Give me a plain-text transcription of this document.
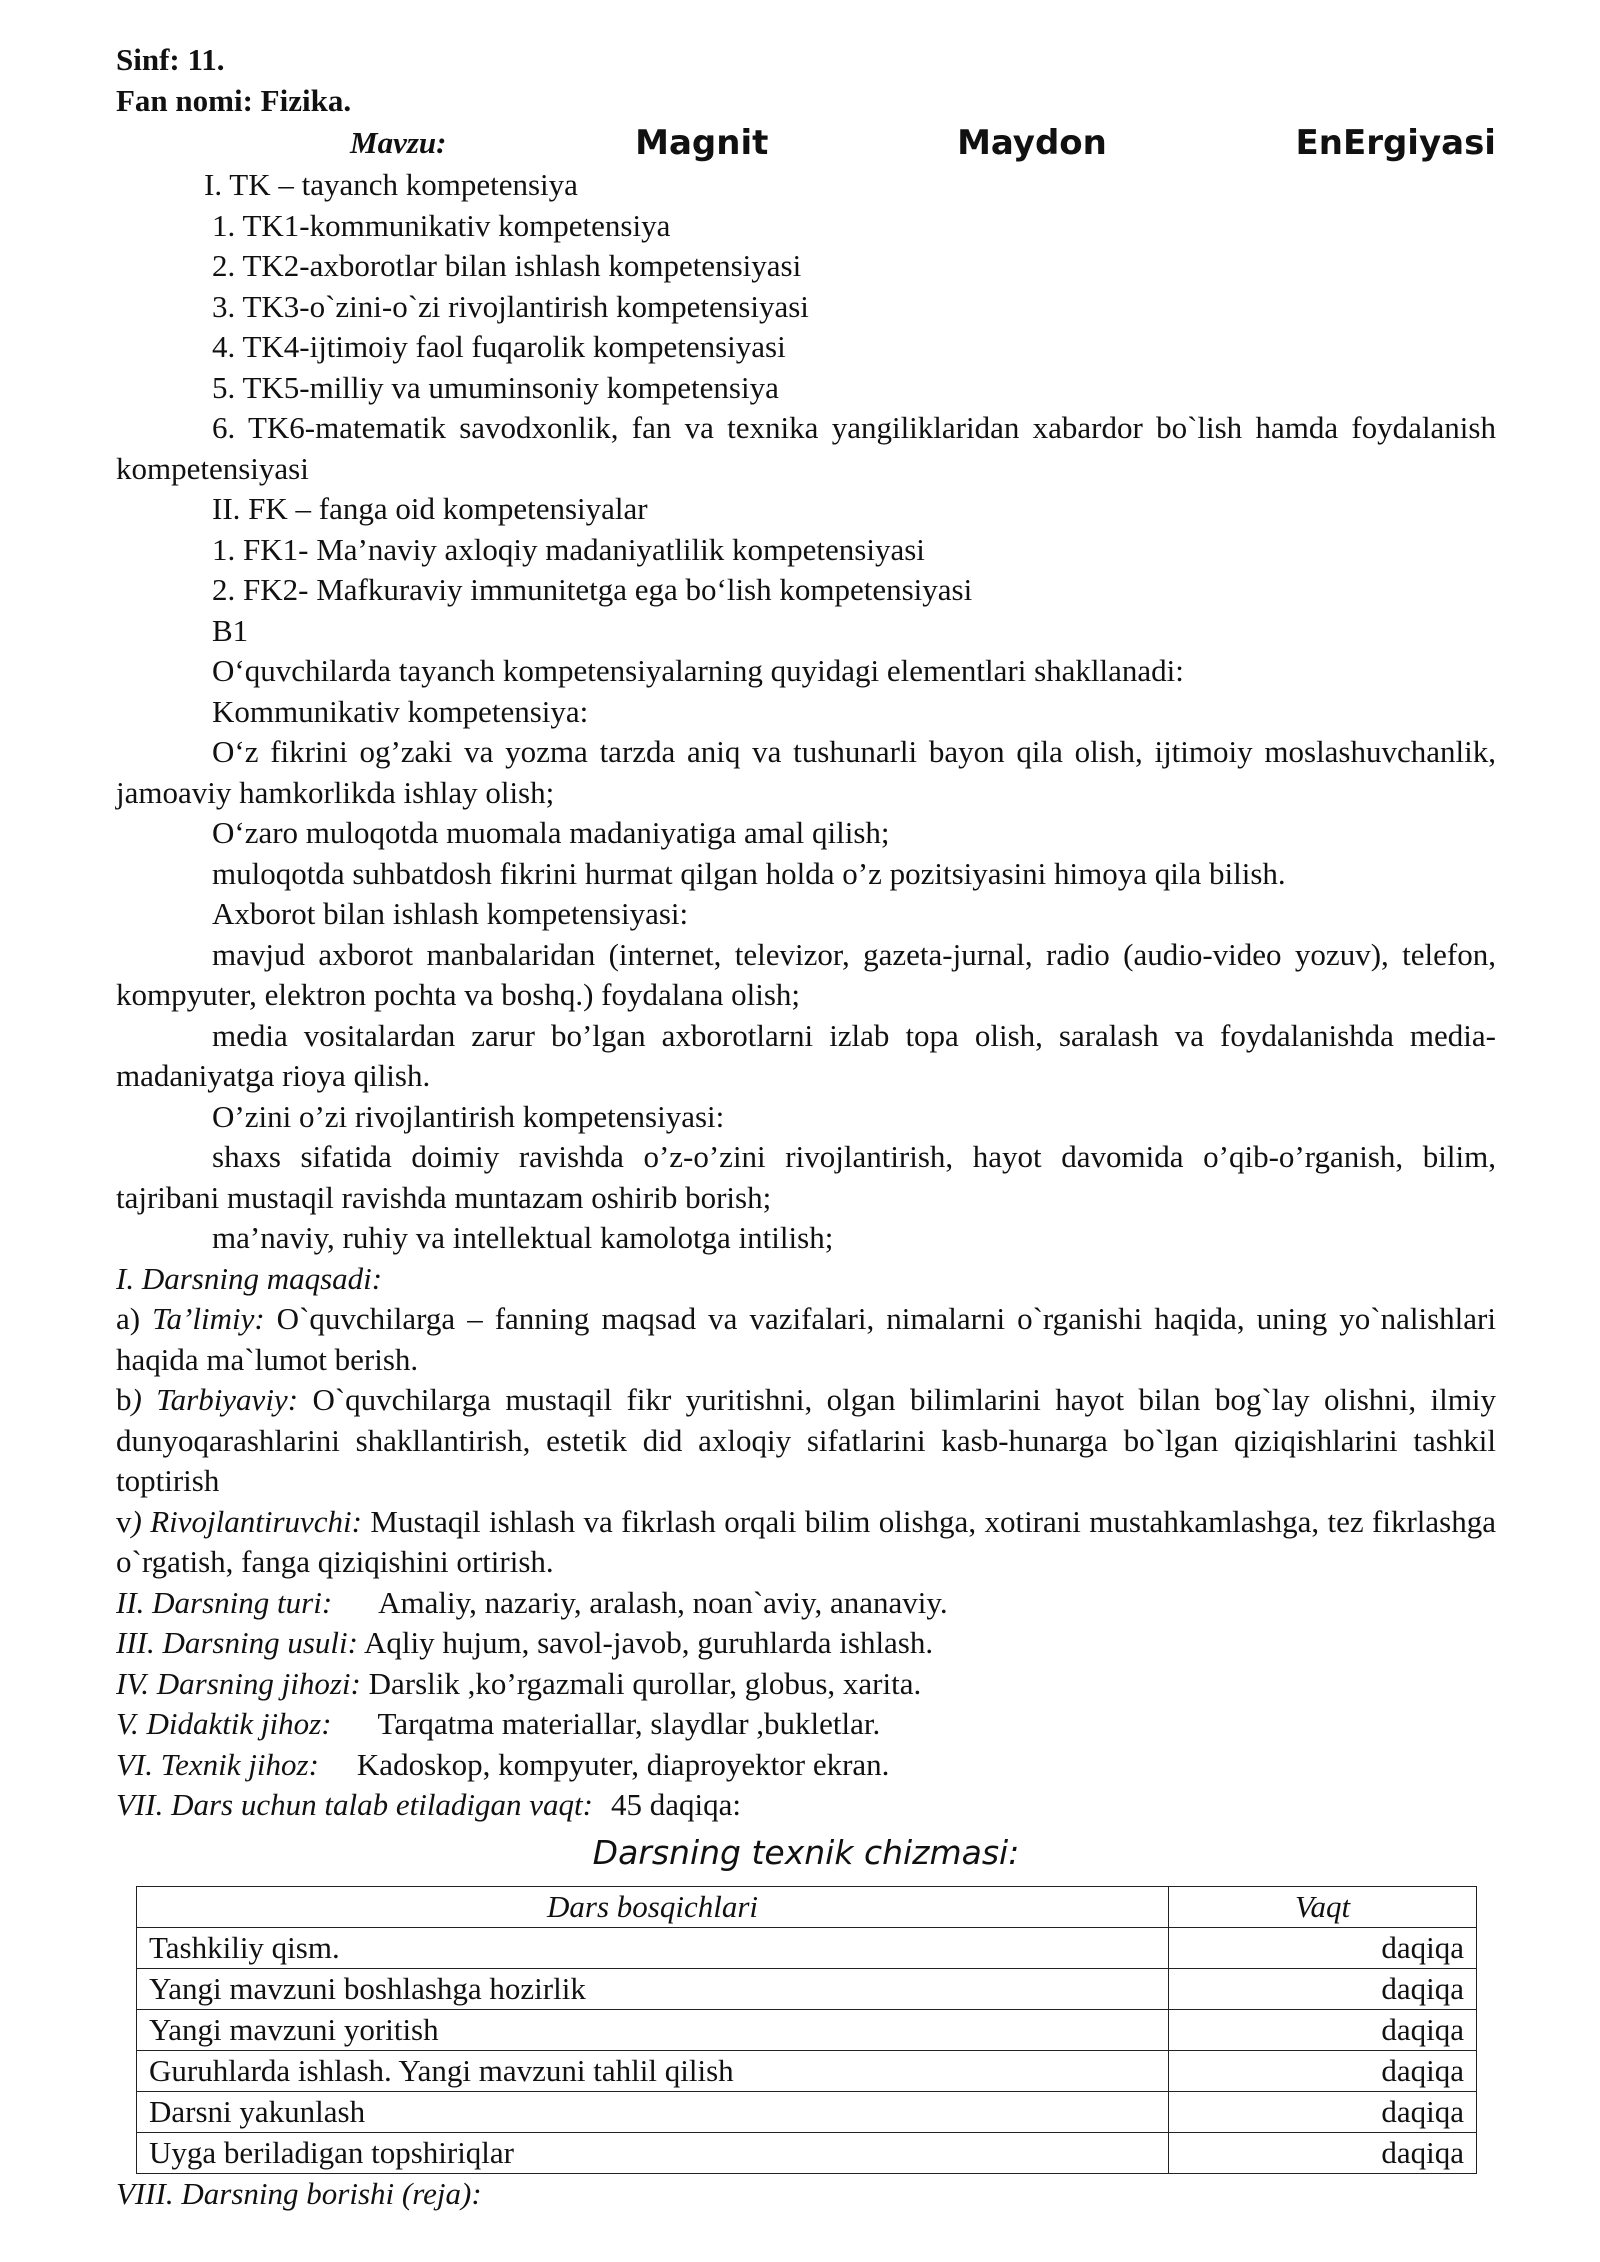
Sinf: 11.
Fan nomi: Fizika.
Mavzu:	Magnit	Maydon	EnErgiyasi
I. TK – tayanch kompetensiya
1. TK1-kommunikativ kompetensiya
2. TK2-axborotlar bilan ishlash kompetensiyasi
3. TK3-o`zini-o`zi rivojlantirish kompetensiyasi
4. TK4-ijtimoiy faol fuqarolik kompetensiyasi
5. TK5-milliy va umuminsoniy kompetensiya
6. TK6-matematik savodxonlik, fan va texnika yangiliklaridan xabardor bo`lish hamda foydalanish kompetensiyasi
II. FK – fanga oid kompetensiyalar
1. FK1- Ma’naviy axloqiy madaniyatlilik kompetensiyasi
2. FK2- Mafkuraviy immunitetga ega bo‘lish kompetensiyasi
B1
O‘quvchilarda tayanch kompetensiyalarning quyidagi elementlari shakllanadi:
Kommunikativ kompetensiya:
O‘z fikrini og’zaki va yozma tarzda aniq va tushunarli bayon qila olish, ijtimoiy moslashuvchanlik, jamoaviy hamkorlikda ishlay olish;
O‘zaro muloqotda muomala madaniyatiga amal qilish;
muloqotda suhbatdosh fikrini hurmat qilgan holda o’z pozitsiyasini himoya qila bilish.
Axborot bilan ishlash kompetensiyasi:
mavjud axborot manbalaridan (internet, televizor, gazeta-jurnal, radio (audio-video yozuv), telefon, kompyuter, elektron pochta va boshq.) foydalana olish;
media vositalardan zarur bo’lgan axborotlarni izlab topa olish, saralash va foydalanishda media-madaniyatga rioya qilish.
O’zini o’zi rivojlantirish kompetensiyasi:
shaxs sifatida doimiy ravishda o’z-o’zini rivojlantirish, hayot davomida o’qib-o’rganish, bilim, tajribani mustaqil ravishda muntazam oshirib borish;
ma’naviy, ruhiy va intellektual kamolotga intilish;
I. Darsning maqsadi:
a) Ta’limiy: O`quvchilarga – fanning maqsad va vazifalari, nimalarni o`rganishi haqida, uning yo`nalishlari haqida ma`lumot berish.
b) Tarbiyaviy: O`quvchilarga mustaqil fikr yuritishni, olgan bilimlarini hayot bilan bog`lay olishni, ilmiy dunyoqarashlarini shakllantirish, estetik did axloqiy sifatlarini kasb-hunarga bo`lgan qiziqishlarini tashkil toptirish
v) Rivojlantiruvchi: Mustaqil ishlash va fikrlash orqali bilim olishga, xotirani mustahkamlashga, tez fikrlashga o`rgatish, fanga qiziqishini ortirish.
II. Darsning turi: Amaliy, nazariy, aralash, noan`aviy, ananaviy.
III. Darsning usuli: Aqliy hujum, savol-javob, guruhlarda ishlash.
IV. Darsning jihozi: Darslik ,ko’rgazmali qurollar, globus, xarita.
V. Didaktik jihoz: Tarqatma materiallar, slaydlar ,bukletlar.
VI. Texnik jihoz: Kadoskop, kompyuter, diaproyektor ekran.
VII. Dars uchun talab etiladigan vaqt: 45 daqiqa:
Darsning texnik chizmasi:
Dars bosqichlari	Vaqt
Tashkiliy qism.	daqiqa
Yangi mavzuni boshlashga hozirlik	daqiqa
Yangi mavzuni yoritish	daqiqa
Guruhlarda ishlash. Yangi mavzuni tahlil qilish	daqiqa
Darsni yakunlash	daqiqa
Uyga beriladigan topshiriqlar	daqiqa
VIII. Darsning borishi (reja):
